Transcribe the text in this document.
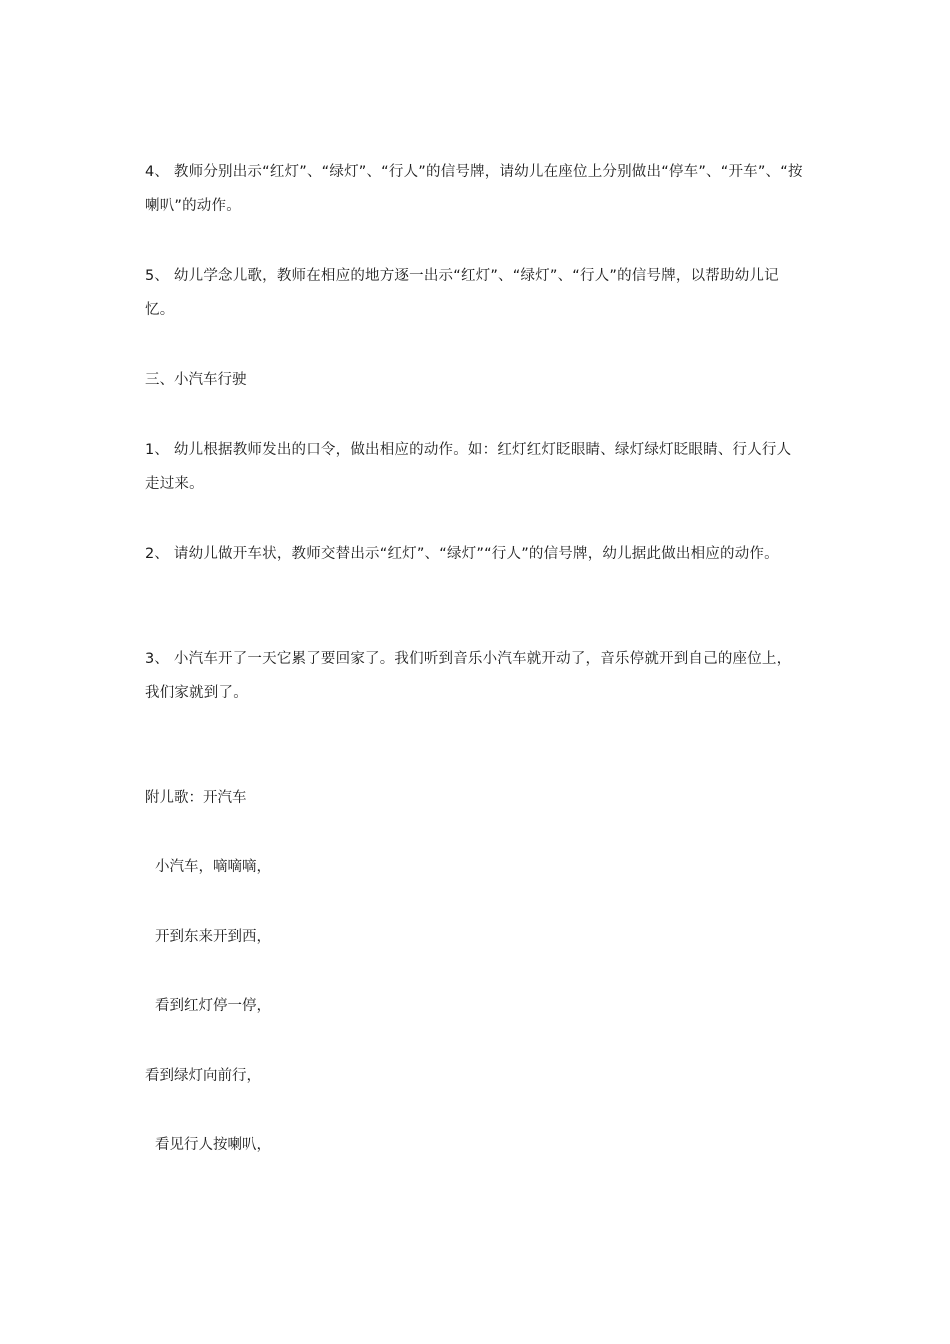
4、 教师分别出示“红灯”、“绿灯”、“行人”的信号牌，请幼儿在座位上分别做出“停车”、“开车”、“按喇叭”的动作。

5、 幼儿学念儿歌，教师在相应的地方逐一出示“红灯”、“绿灯”、“行人”的信号牌，以帮助幼儿记忆。

三、小汽车行驶

1、 幼儿根据教师发出的口令，做出相应的动作。如：红灯红灯眨眼睛、绿灯绿灯眨眼睛、行人行人走过来。

2、 请幼儿做开车状，教师交替出示“红灯”、“绿灯”“行人”的信号牌，幼儿据此做出相应的动作。

3、 小汽车开了一天它累了要回家了。我们听到音乐小汽车就开动了，音乐停就开到自己的座位上，我们家就到了。

附儿歌：开汽车

小汽车，嘀嘀嘀，

开到东来开到西，

看到红灯停一停，

看到绿灯向前行，

看见行人按喇叭，
